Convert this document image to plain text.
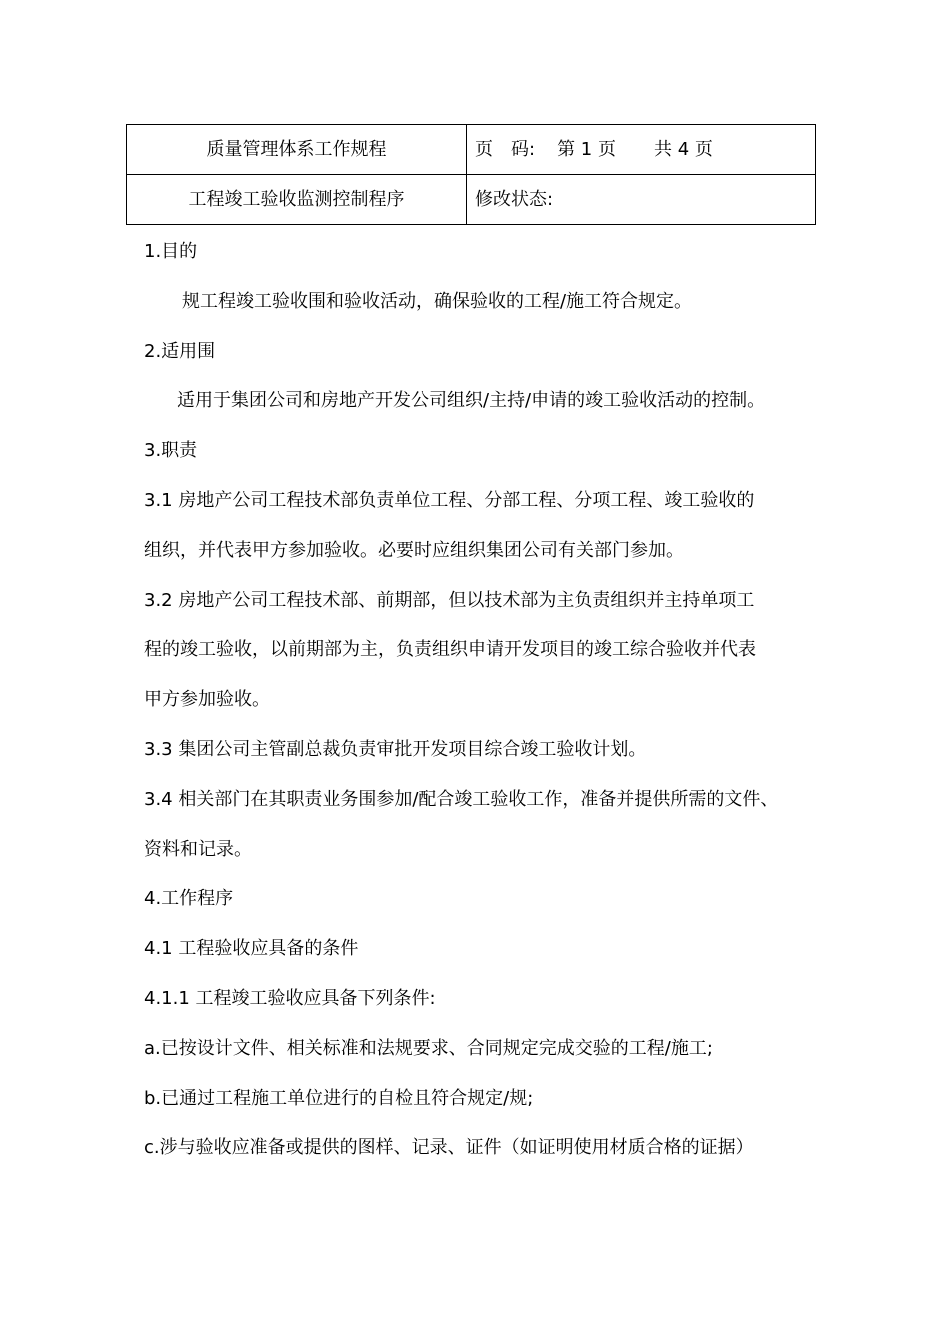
质量管理体系工作规程	页　码: 第 1 页 共 4 页
工程竣工验收监测控制程序	修改状态:
1.目的
规工程竣工验收围和验收活动，确保验收的工程/施工符合规定。
2.适用围
适用于集团公司和房地产开发公司组织/主持/申请的竣工验收活动的控制。
3.职责
3.1 房地产公司工程技术部负责单位工程、分部工程、分项工程、竣工验收的
组织，并代表甲方参加验收。必要时应组织集团公司有关部门参加。
3.2 房地产公司工程技术部、前期部，但以技术部为主负责组织并主持单项工
程的竣工验收，以前期部为主，负责组织申请开发项目的竣工综合验收并代表
甲方参加验收。
3.3 集团公司主管副总裁负责审批开发项目综合竣工验收计划。
3.4 相关部门在其职责业务围参加/配合竣工验收工作，准备并提供所需的文件、
资料和记录。
4.工作程序
4.1 工程验收应具备的条件
4.1.1 工程竣工验收应具备下列条件:
a.已按设计文件、相关标准和法规要求、合同规定完成交验的工程/施工;
b.已通过工程施工单位进行的自检且符合规定/规;
c.涉与验收应准备或提供的图样、记录、证件（如证明使用材质合格的证据）
